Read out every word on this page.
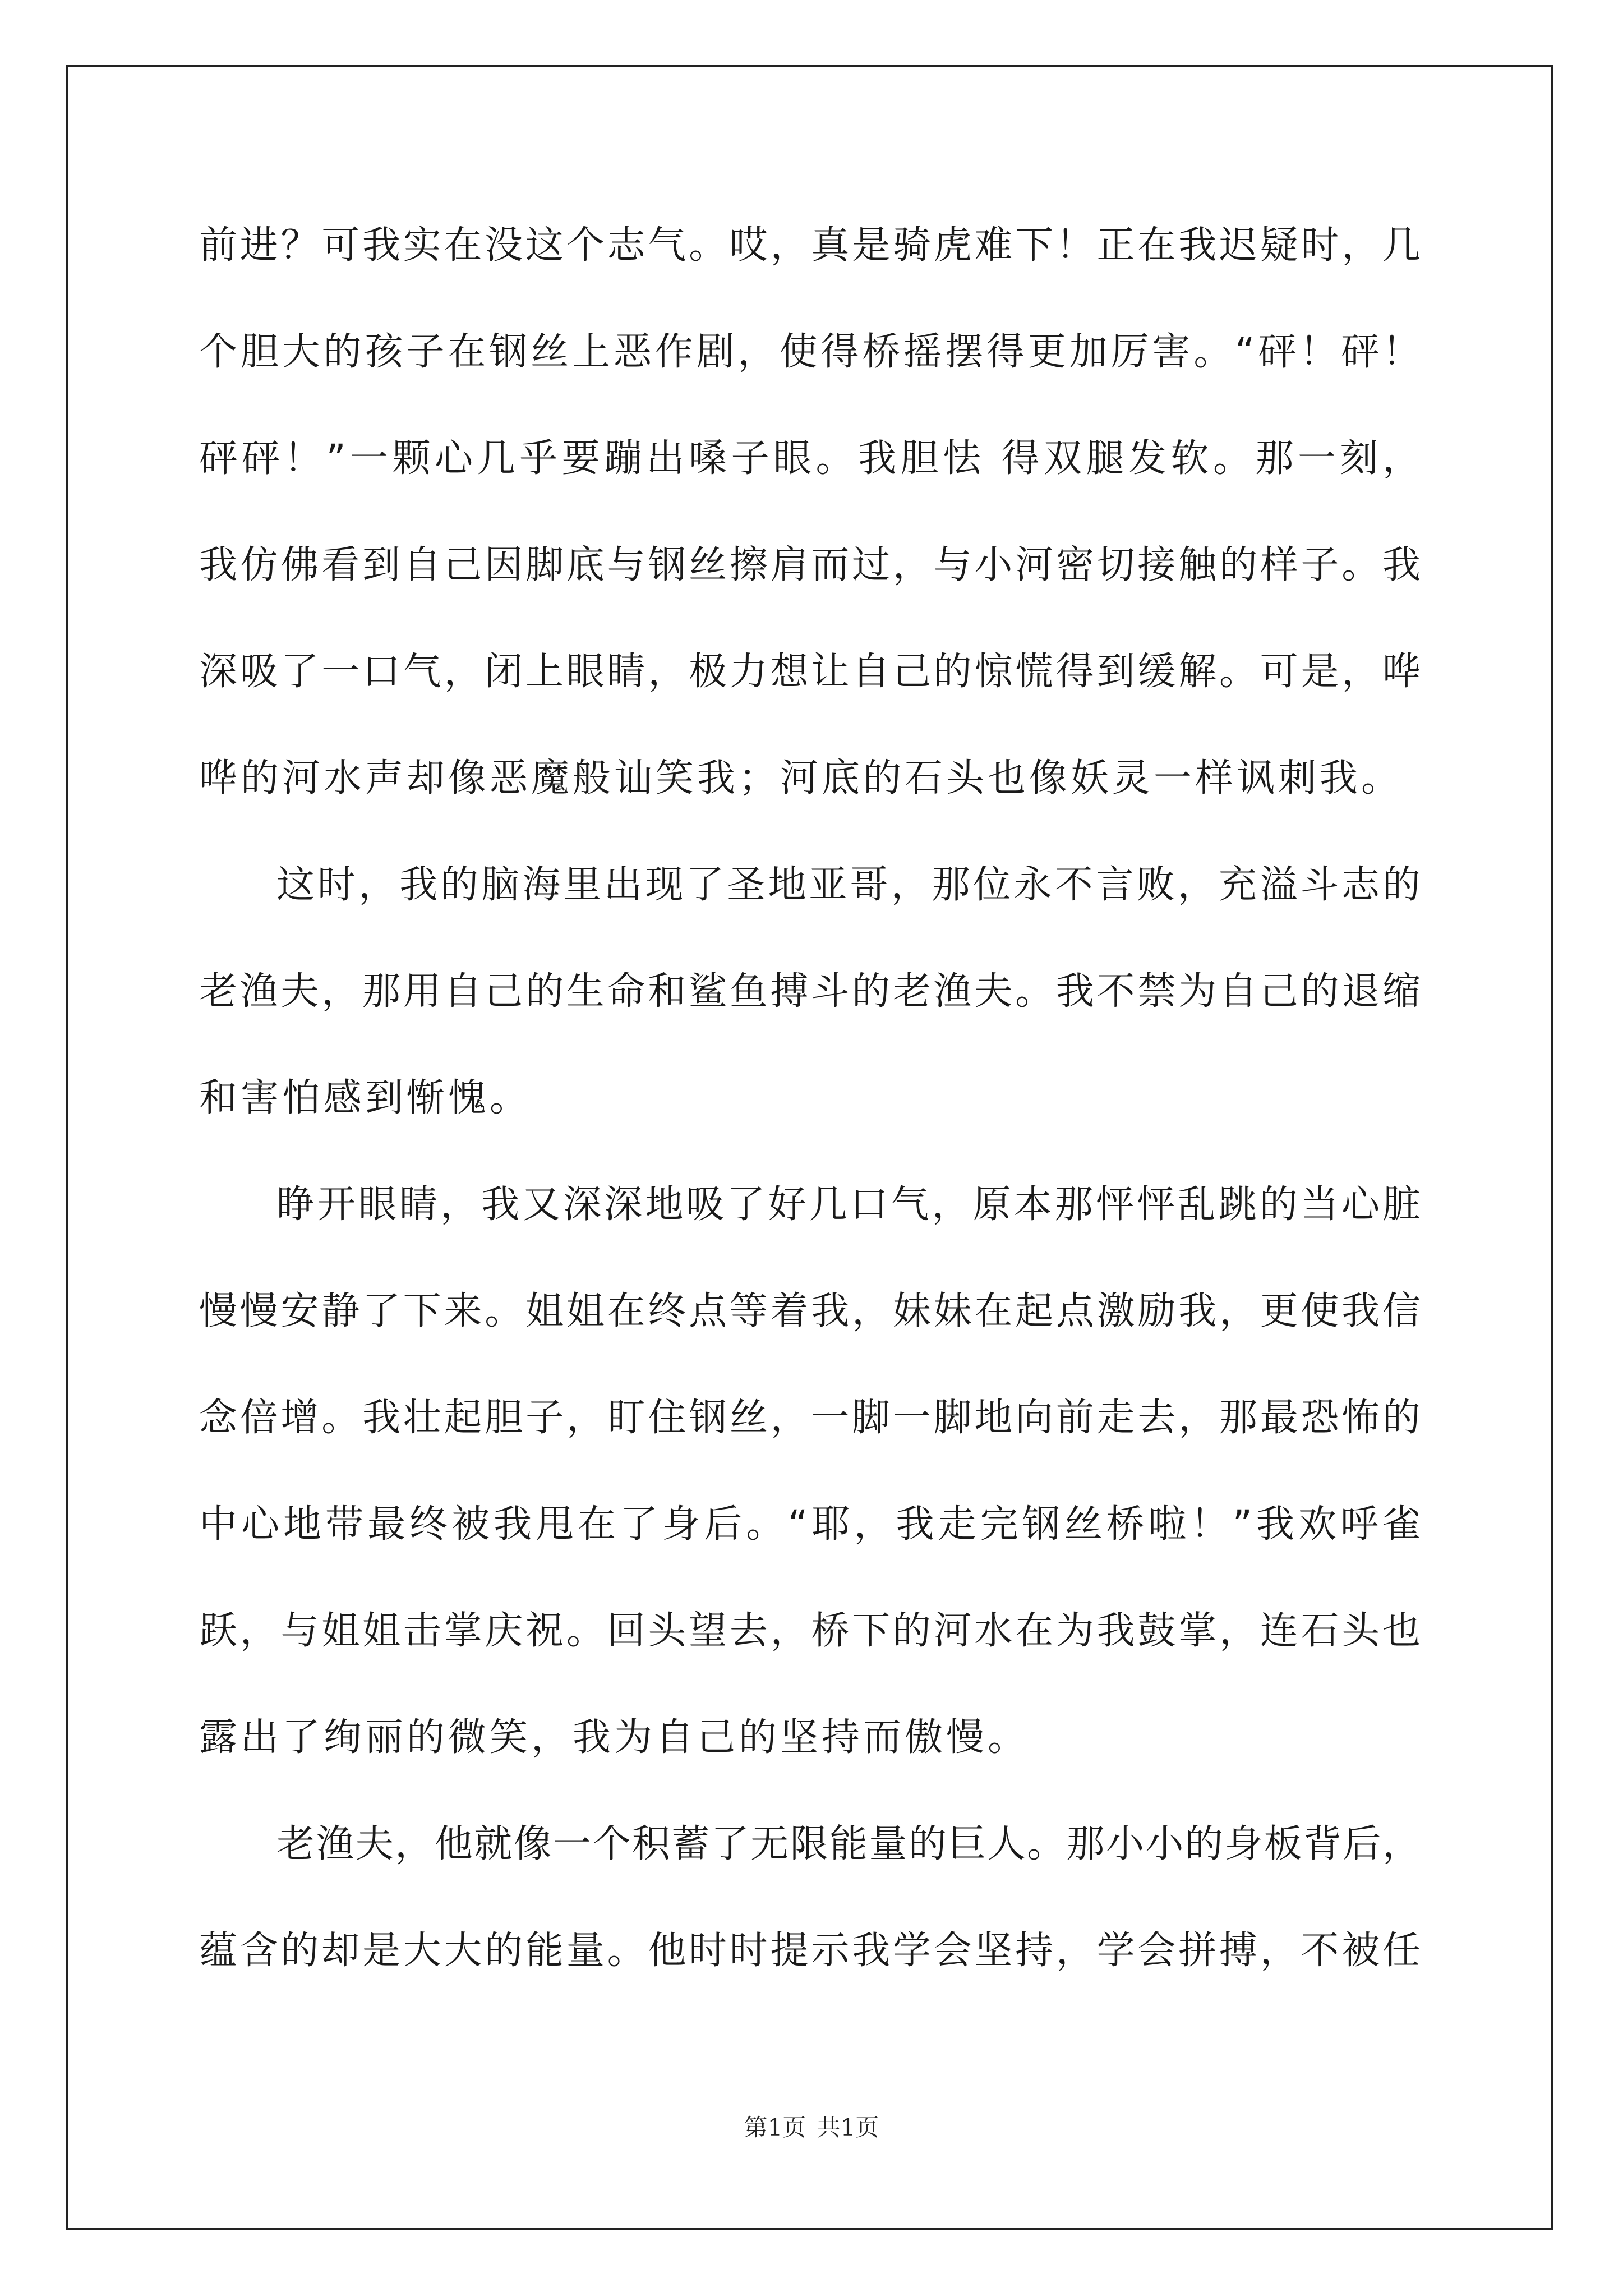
前进？可我实在没这个志气。哎，真是骑虎难下！正在我迟疑时，几
个胆大的孩子在钢丝上恶作剧，使得桥摇摆得更加厉害。“砰！砰！
砰砰！”一颗心几乎要蹦出嗓子眼。我胆怯 得双腿发软。那一刻，
我仿佛看到自己因脚底与钢丝擦肩而过，与小河密切接触的样子。我
深吸了一口气，闭上眼睛，极力想让自己的惊慌得到缓解。可是，哗
哗的河水声却像恶魔般讪笑我；河底的石头也像妖灵一样讽刺我。
这时，我的脑海里出现了圣地亚哥，那位永不言败，充溢斗志的
老渔夫，那用自己的生命和鲨鱼搏斗的老渔夫。我不禁为自己的退缩
和害怕感到惭愧。
睁开眼睛，我又深深地吸了好几口气，原本那怦怦乱跳的当心脏
慢慢安静了下来。姐姐在终点等着我，妹妹在起点激励我，更使我信
念倍增。我壮起胆子，盯住钢丝，一脚一脚地向前走去，那最恐怖的
中心地带最终被我甩在了身后。“耶，我走完钢丝桥啦！”我欢呼雀
跃，与姐姐击掌庆祝。回头望去，桥下的河水在为我鼓掌，连石头也
露出了绚丽的微笑，我为自己的坚持而傲慢。
老渔夫，他就像一个积蓄了无限能量的巨人。那小小的身板背后，
蕴含的却是大大的能量。他时时提示我学会坚持，学会拼搏，不被任
第1页 共1页
